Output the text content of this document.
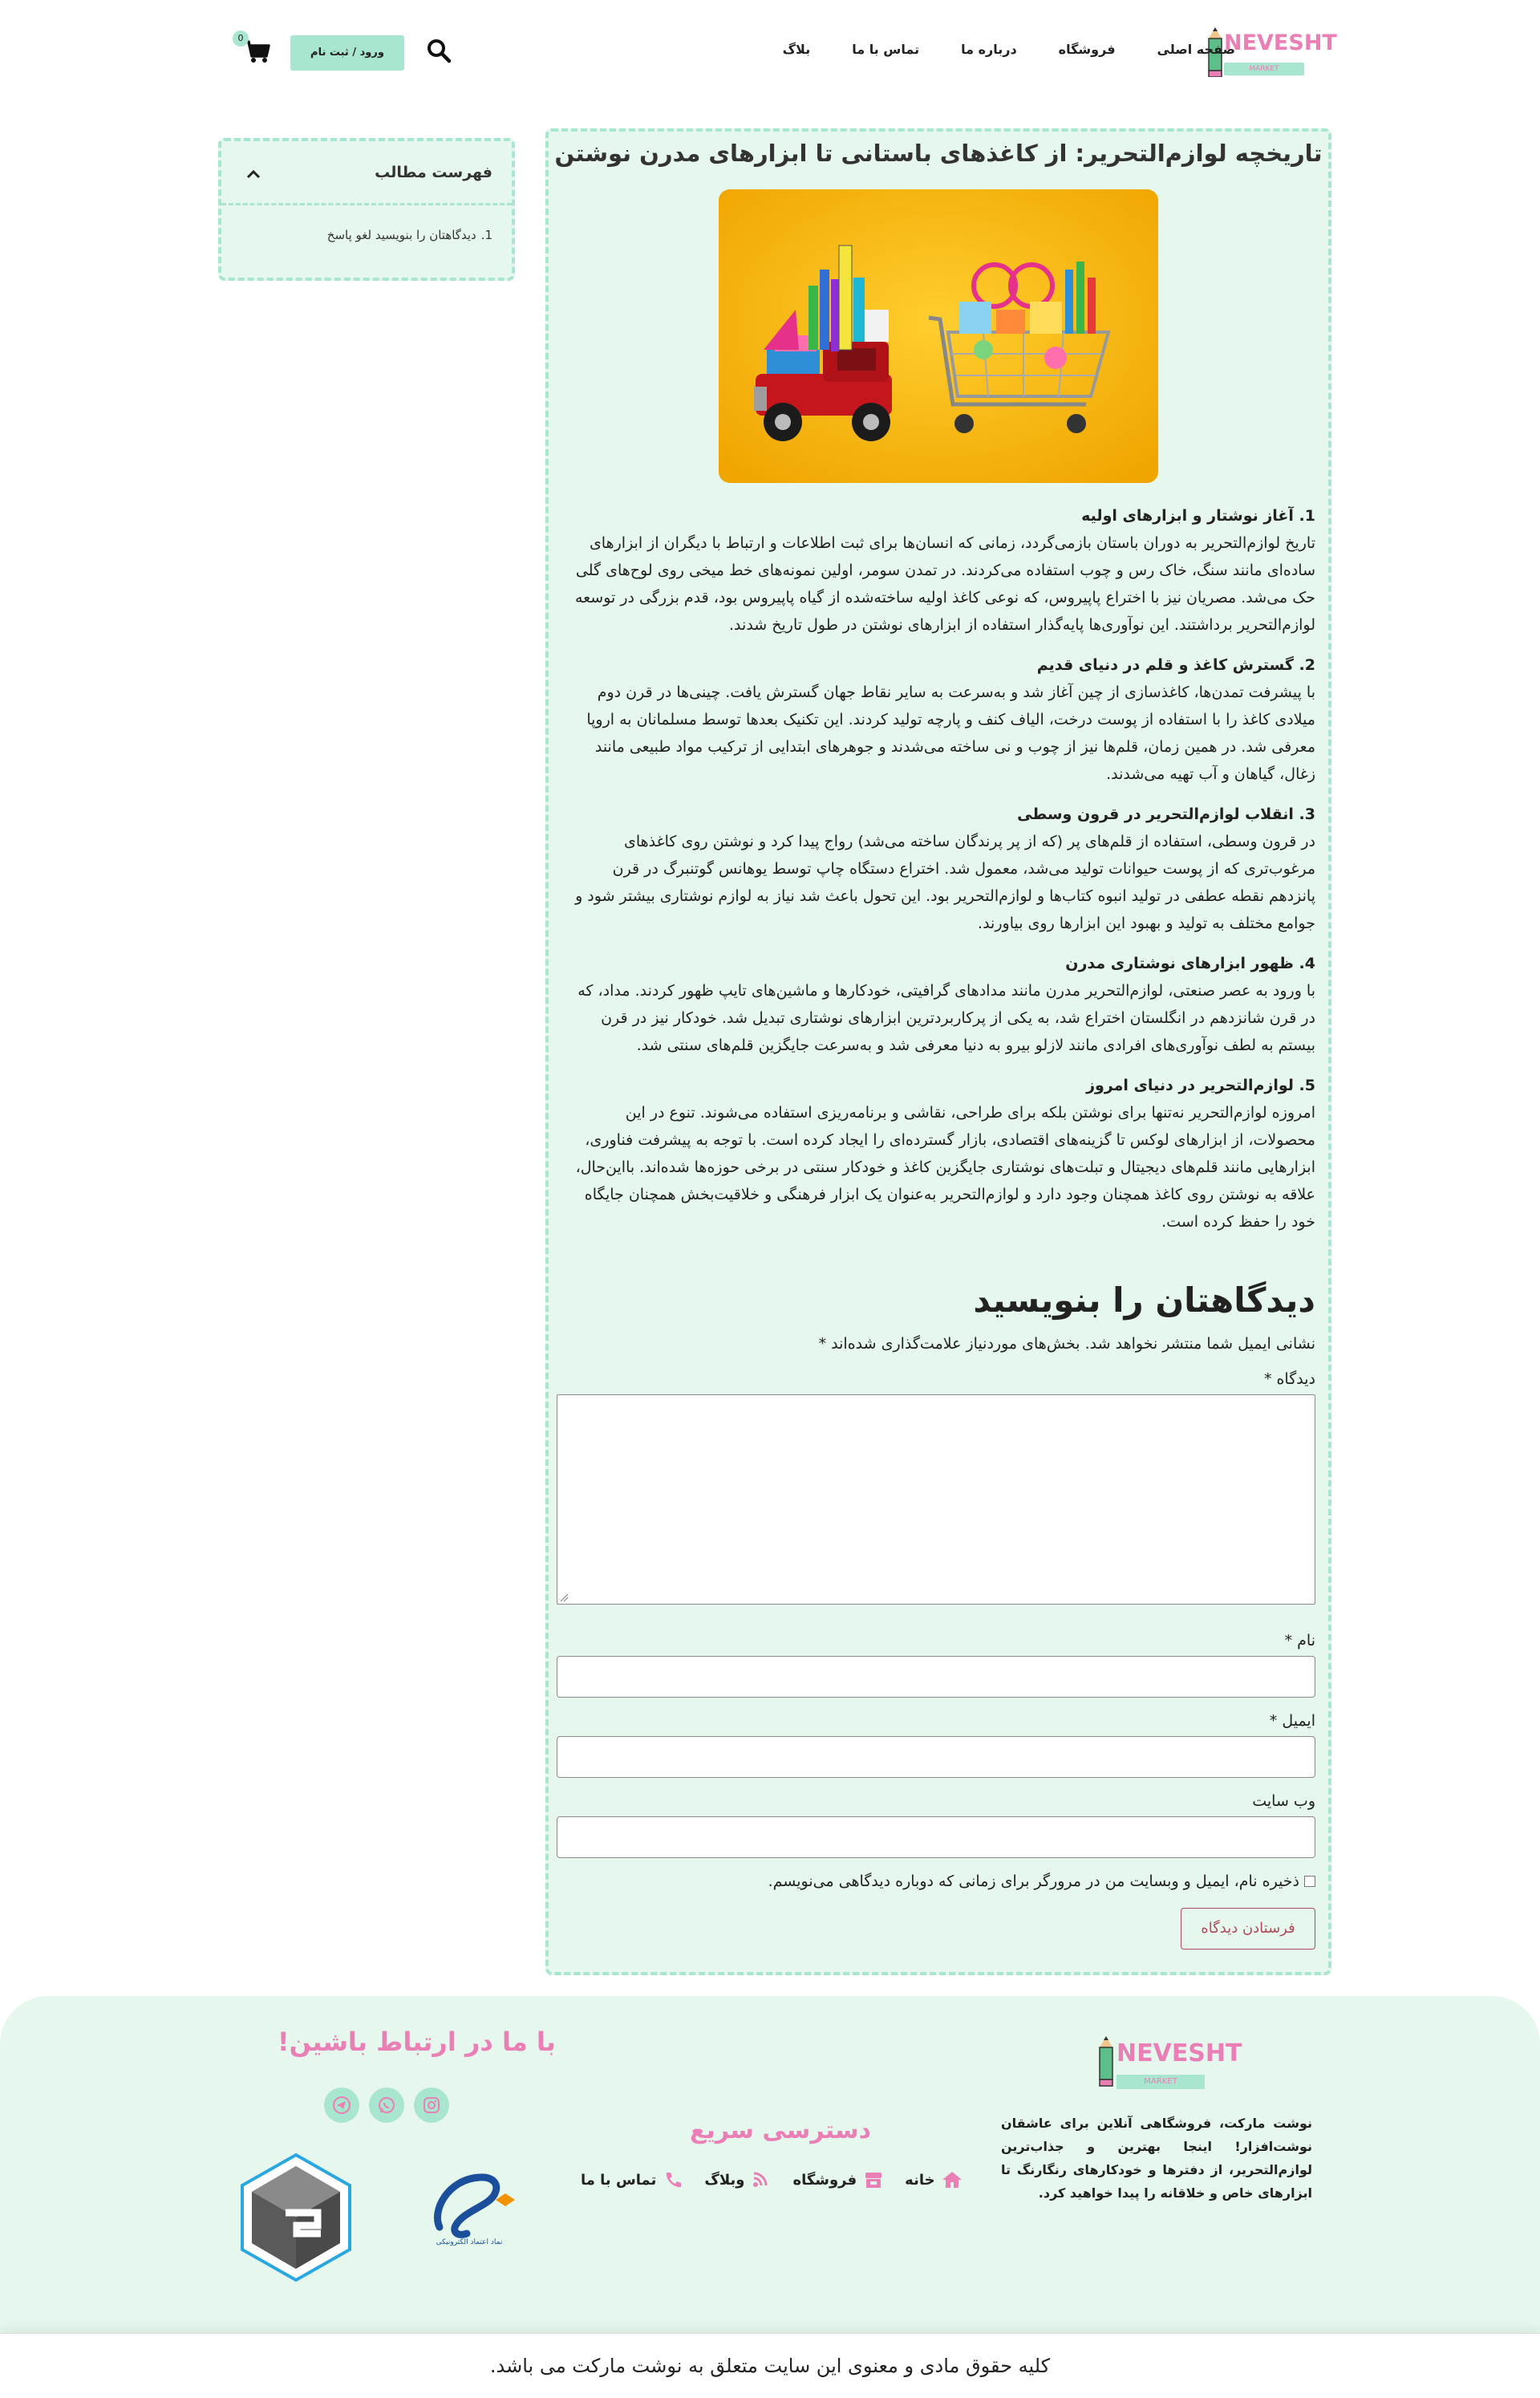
NEVESHT
MARKET
صفحه اصلی
فروشگاه
درباره ما
تماس با ما
بلاگ
ورود / ثبت نام
0
فهرست مطالب
1.
دیدگاهتان را بنویسید لغو پاسخ
تاریخچه لوازم‌التحریر: از کاغذهای باستانی تا ابزارهای مدرن نوشتن
1. آغاز نوشتار و ابزارهای اولیه

تاریخ لوازم‌التحریر به دوران باستان بازمی‌گردد، زمانی که انسان‌ها برای ثبت اطلاعات و ارتباط با دیگران از ابزارهای ساده‌ای مانند سنگ، خاک رس و چوب استفاده می‌کردند. در تمدن سومر، اولین نمونه‌های خط میخی روی لوح‌های گلی حک می‌شد. مصریان نیز با اختراع پاپیروس، که نوعی کاغذ اولیه ساخته‌شده از گیاه پاپیروس بود، قدم بزرگی در توسعه لوازم‌التحریر برداشتند. این نوآوری‌ها پایه‌گذار استفاده از ابزارهای نوشتن در طول تاریخ شدند.

2. گسترش کاغذ و قلم در دنیای قدیم

با پیشرفت تمدن‌ها، کاغذسازی از چین آغاز شد و به‌سرعت به سایر نقاط جهان گسترش یافت. چینی‌ها در قرن دوم میلادی کاغذ را با استفاده از پوست درخت، الیاف کنف و پارچه تولید کردند. این تکنیک بعدها توسط مسلمانان به اروپا معرفی شد. در همین زمان، قلم‌ها نیز از چوب و نی ساخته می‌شدند و جوهرهای ابتدایی از ترکیب مواد طبیعی مانند زغال، گیاهان و آب تهیه می‌شدند.

3. انقلاب لوازم‌التحریر در قرون وسطی

در قرون وسطی، استفاده از قلم‌های پر (که از پر پرندگان ساخته می‌شد) رواج پیدا کرد و نوشتن روی کاغذهای مرغوب‌تری که از پوست حیوانات تولید می‌شد، معمول شد. اختراع دستگاه چاپ توسط یوهانس گوتنبرگ در قرن پانزدهم نقطه عطفی در تولید انبوه کتاب‌ها و لوازم‌التحریر بود. این تحول باعث شد نیاز به لوازم نوشتاری بیشتر شود و جوامع مختلف به تولید و بهبود این ابزارها روی بیاورند.

4. ظهور ابزارهای نوشتاری مدرن

با ورود به عصر صنعتی، لوازم‌التحریر مدرن مانند مدادهای گرافیتی، خودکارها و ماشین‌های تایپ ظهور کردند. مداد، که در قرن شانزدهم در انگلستان اختراع شد، به یکی از پرکاربردترین ابزارهای نوشتاری تبدیل شد. خودکار نیز در قرن بیستم به لطف نوآوری‌های افرادی مانند لازلو بیرو به دنیا معرفی شد و به‌سرعت جایگزین قلم‌های سنتی شد.

5. لوازم‌التحریر در دنیای امروز

امروزه لوازم‌التحریر نه‌تنها برای نوشتن بلکه برای طراحی، نقاشی و برنامه‌ریزی استفاده می‌شوند. تنوع در این محصولات، از ابزارهای لوکس تا گزینه‌های اقتصادی، بازار گسترده‌ای را ایجاد کرده است. با توجه به پیشرفت فناوری، ابزارهایی مانند قلم‌های دیجیتال و تبلت‌های نوشتاری جایگزین کاغذ و خودکار سنتی در برخی حوزه‌ها شده‌اند. بااین‌حال، علاقه به نوشتن روی کاغذ همچنان وجود دارد و لوازم‌التحریر به‌عنوان یک ابزار فرهنگی و خلاقیت‌بخش همچنان جایگاه خود را حفظ کرده است.

دیدگاهتان را بنویسید

نشانی ایمیل شما منتشر نخواهد شد. بخش‌های موردنیاز علامت‌گذاری شده‌اند *

دیدگاه *
نام *
ایمیل *
وب سایت
ذخیره نام، ایمیل و وبسایت من در مرورگر برای زمانی که دوباره دیدگاهی می‌نویسم.
فرستادن دیدگاه
NEVESHT
MARKET

نوشت مارکت، فروشگاهی آنلاین برای عاشقان نوشت‌افزار! اینجا بهترین و جذاب‌ترین لوازم‌التحریر، از دفترها و خودکارهای رنگارنگ تا ابزارهای خاص و خلاقانه را پیدا خواهید کرد.

دسترسی سریع
خانه
فروشگاه
وبلاگ
تماس با ما
با ما در ارتباط باشین!
نماد اعتماد الکترونیکی
کلیه حقوق مادی و معنوی این سایت متعلق به نوشت مارکت می باشد.
